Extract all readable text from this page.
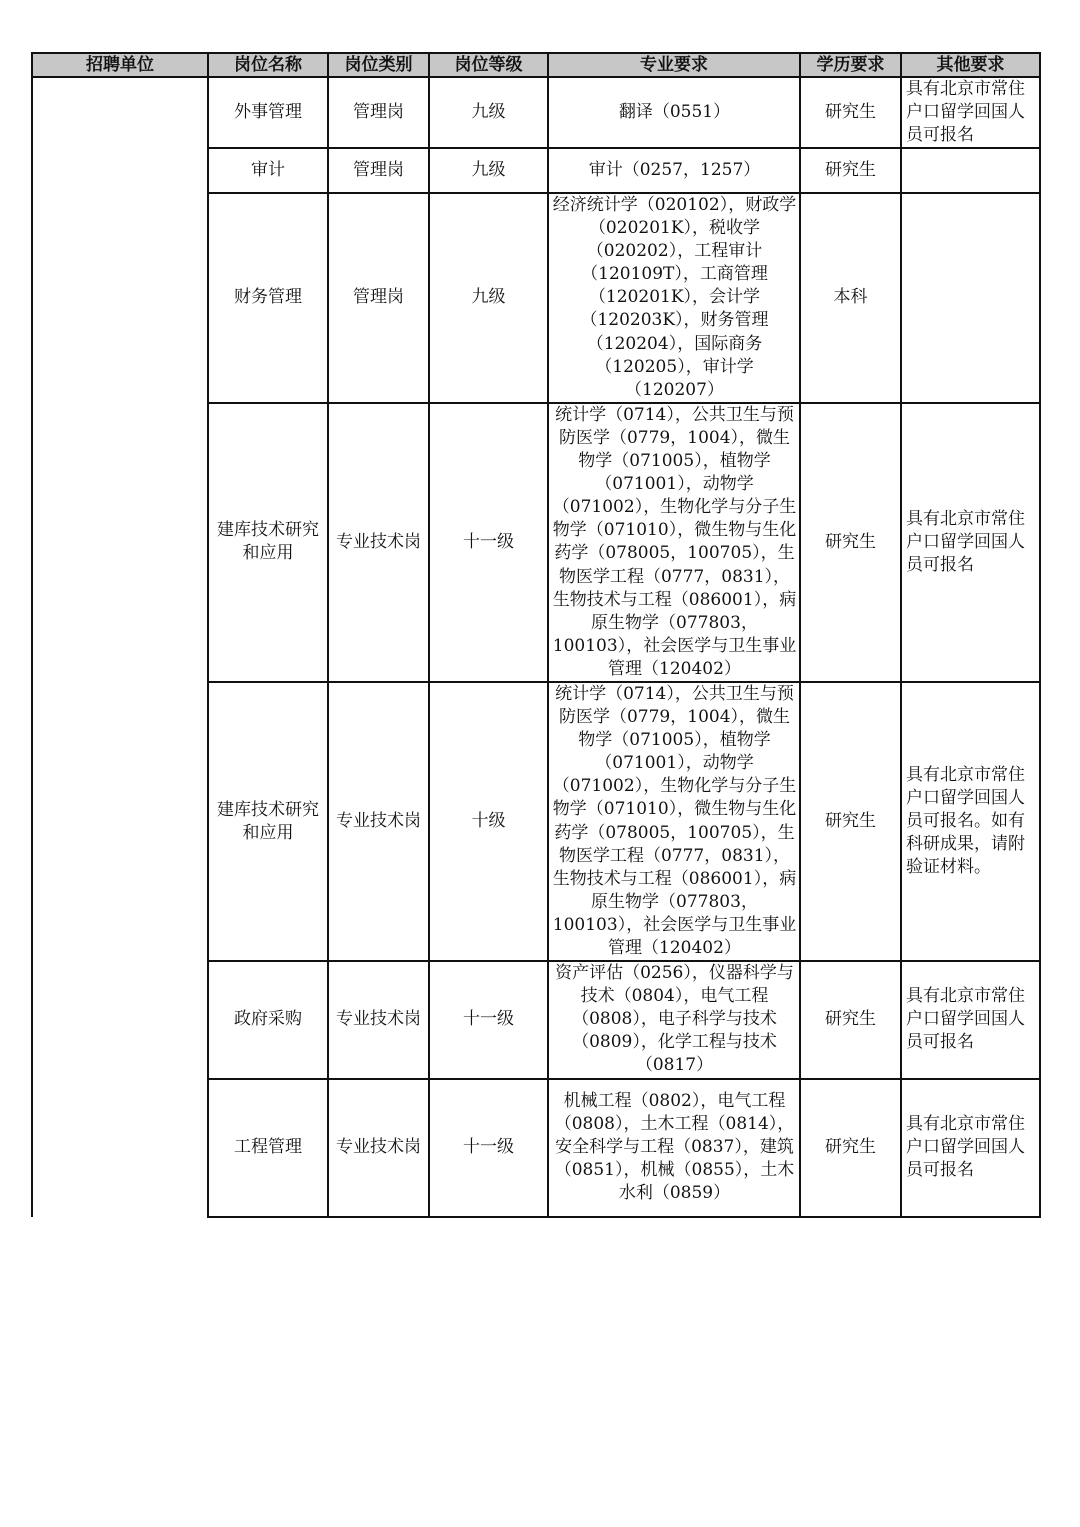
招聘单位	岗位名称	岗位类别	岗位等级	专业要求	学历要求	其他要求
	外事管理	管理岗	九级	翻译（0551）	研究生	具有北京市常住户口留学回国人员可报名
	审计	管理岗	九级	审计（0257，1257）	研究生	
	财务管理	管理岗	九级	经济统计学（020102），财政学（020201K），税收学（020202），工程审计（120109T），工商管理（120201K），会计学（120203K），财务管理（120204），国际商务（120205），审计学（120207）	本科	
	建库技术研究和应用	专业技术岗	十一级	统计学（0714），公共卫生与预防医学（0779，1004），微生物学（071005），植物学（071001），动物学（071002），生物化学与分子生物学（071010），微生物与生化药学（078005，100705），生物医学工程（0777，0831），生物技术与工程（086001），病原生物学（077803，100103），社会医学与卫生事业管理（120402）	研究生	具有北京市常住户口留学回国人员可报名
	建库技术研究和应用	专业技术岗	十级	统计学（0714），公共卫生与预防医学（0779，1004），微生物学（071005），植物学（071001），动物学（071002），生物化学与分子生物学（071010），微生物与生化药学（078005，100705），生物医学工程（0777，0831），生物技术与工程（086001），病原生物学（077803，100103），社会医学与卫生事业管理（120402）	研究生	具有北京市常住户口留学回国人员可报名。如有科研成果，请附验证材料。
	政府采购	专业技术岗	十一级	资产评估（0256），仪器科学与技术（0804），电气工程（0808），电子科学与技术（0809），化学工程与技术（0817）	研究生	具有北京市常住户口留学回国人员可报名
	工程管理	专业技术岗	十一级	机械工程（0802），电气工程（0808），土木工程（0814），安全科学与工程（0837），建筑（0851），机械（0855），土木水利（0859）	研究生	具有北京市常住户口留学回国人员可报名
